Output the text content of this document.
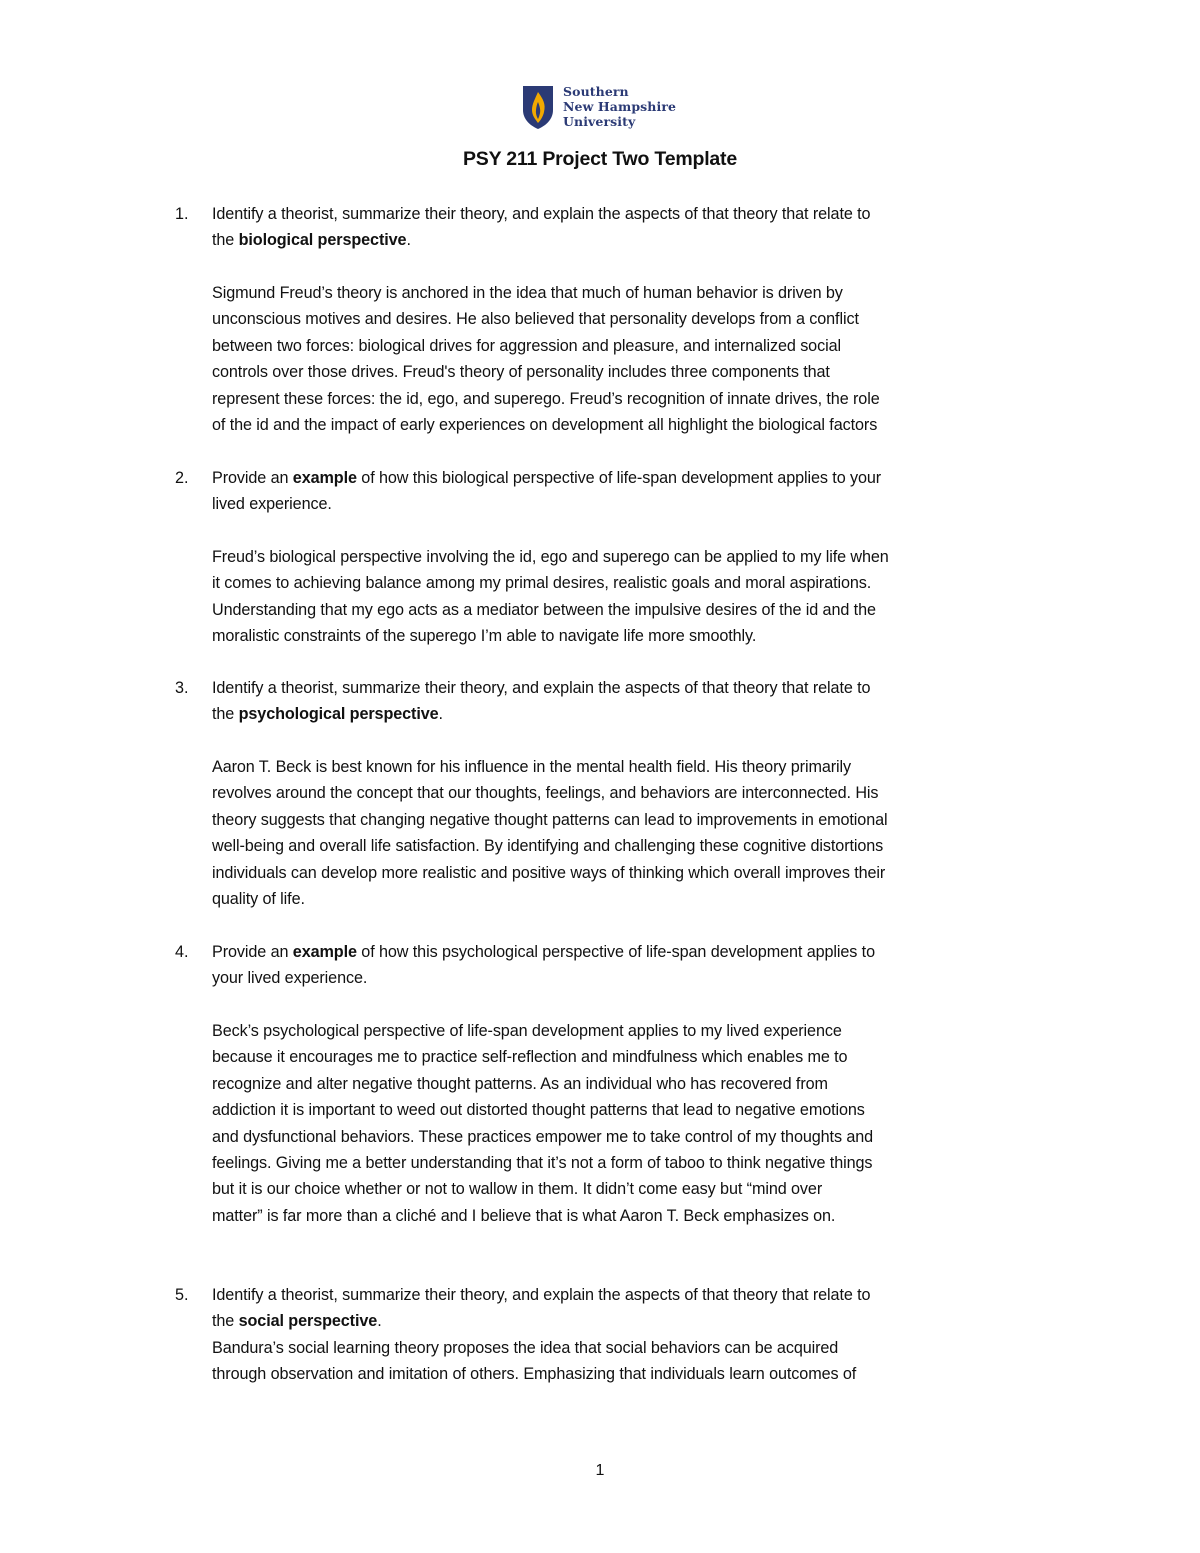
Southern
New Hampshire
University
PSY 211 Project Two Template
1. Identify a theorist, summarize their theory, and explain the aspects of that theory that relate to
the biological perspective.
Sigmund Freud’s theory is anchored in the idea that much of human behavior is driven by
unconscious motives and desires. He also believed that personality develops from a conflict
between two forces: biological drives for aggression and pleasure, and internalized social
controls over those drives. Freud's theory of personality includes three components that
represent these forces: the id, ego, and superego. Freud’s recognition of innate drives, the role
of the id and the impact of early experiences on development all highlight the biological factors
2. Provide an example of how this biological perspective of life-span development applies to your
lived experience.
Freud’s biological perspective involving the id, ego and superego can be applied to my life when
it comes to achieving balance among my primal desires, realistic goals and moral aspirations.
Understanding that my ego acts as a mediator between the impulsive desires of the id and the
moralistic constraints of the superego I’m able to navigate life more smoothly.
3. Identify a theorist, summarize their theory, and explain the aspects of that theory that relate to
the psychological perspective.
Aaron T. Beck is best known for his influence in the mental health field. His theory primarily
revolves around the concept that our thoughts, feelings, and behaviors are interconnected. His
theory suggests that changing negative thought patterns can lead to improvements in emotional
well-being and overall life satisfaction. By identifying and challenging these cognitive distortions
individuals can develop more realistic and positive ways of thinking which overall improves their
quality of life.
4. Provide an example of how this psychological perspective of life-span development applies to
your lived experience.
Beck’s psychological perspective of life-span development applies to my lived experience
because it encourages me to practice self-reflection and mindfulness which enables me to
recognize and alter negative thought patterns. As an individual who has recovered from
addiction it is important to weed out distorted thought patterns that lead to negative emotions
and dysfunctional behaviors. These practices empower me to take control of my thoughts and
feelings. Giving me a better understanding that it’s not a form of taboo to think negative things
but it is our choice whether or not to wallow in them. It didn’t come easy but “mind over
matter” is far more than a cliché and I believe that is what Aaron T. Beck emphasizes on.
5. Identify a theorist, summarize their theory, and explain the aspects of that theory that relate to
the social perspective.
Bandura’s social learning theory proposes the idea that social behaviors can be acquired
through observation and imitation of others. Emphasizing that individuals learn outcomes of
1
